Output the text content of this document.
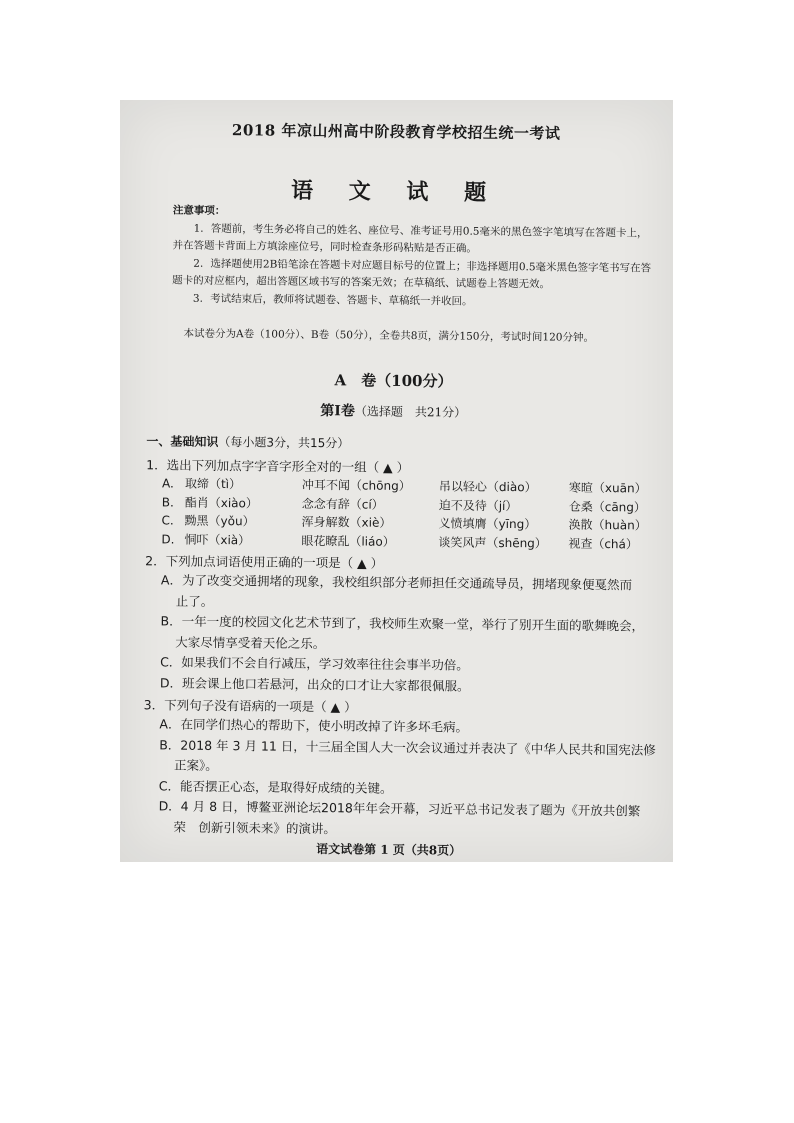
2018 年凉山州高中阶段教育学校招生统一考试
语 文 试 题

注意事项：

1．答题前，考生务必将自己的姓名、座位号、准考证号用0.5毫米的黑色签字笔填写在答题卡上，并在答题卡背面上方填涂座位号，同时检查条形码粘贴是否正确。

2．选择题使用2B铅笔涂在答题卡对应题目标号的位置上；非选择题用0.5毫米黑色签字笔书写在答题卡的对应框内，超出答题区域书写的答案无效；在草稿纸、试题卷上答题无效。

3．考试结束后，教师将试题卷、答题卡、草稿纸一并收回。

本试卷分为A卷（100分）、B卷（50分），全卷共8页，满分150分，考试时间120分钟。
A　卷（100分）
第Ⅰ卷（选择题　共21分）
一、基础知识（每小题3分，共15分）

1．选出下列加点字字音字形全对的一组（ ▲ ）

A. 取缔（tì）	冲耳不闻（chōng）	吊以轻心（diào）	寒暄（xuān）
B. 酯肖（xiào）	念念有辞（cí）	迫不及待（jí）	仓桑（cāng）
C. 黝黑（yǒu）	浑身解数（xiè）	义愤填膺（yīng）	涣散（huàn）
D. 恫吓（xià）	眼花瞭乱（liáo）	谈笑风声（shēng）	视查（chá）

2．下列加点词语使用正确的一项是（ ▲ ）

A．为了改变交通拥堵的现象，我校组织部分老师担任交通疏导员，拥堵现象便戛然而
止了。

B．一年一度的校园文化艺术节到了，我校师生欢聚一堂，举行了别开生面的歌舞晚会，
大家尽情享受着天伦之乐。

C．如果我们不会自行减压，学习效率往往会事半功倍。

D．班会课上他口若悬河，出众的口才让大家都很佩服。

3．下列句子没有语病的一项是（ ▲ ）

A．在同学们热心的帮助下，使小明改掉了许多坏毛病。

B．2018 年 3 月 11 日，十三届全国人大一次会议通过并表决了《中华人民共和国宪法修
正案》。

C．能否摆正心态，是取得好成绩的关键。

D．4 月 8 日，博鳌亚洲论坛2018年年会开幕，习近平总书记发表了题为《开放共创繁
荣　创新引领未来》的演讲。

语文试卷第 1 页（共8页）
